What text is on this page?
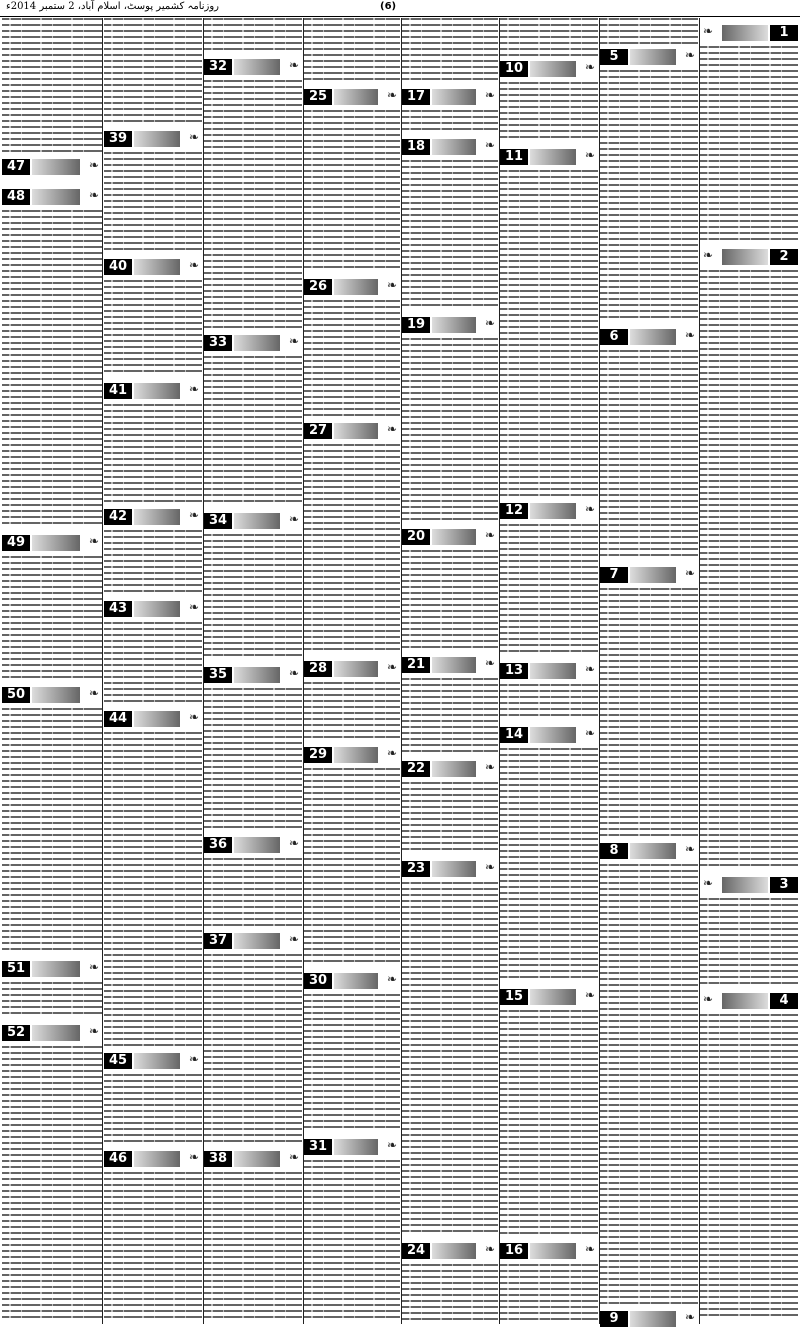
روزنامہ کشمیر پوسٹ، اسلام آباد، 2 ستمبر 2014ء	(6)
1
❧
2
❧
3
❧
4
❧
5	❧
6	❧
7	❧
8	❧
9	❧
10	❧
11	❧
12	❧
13	❧
14	❧
15	❧
16	❧
17	❧
18	❧
19	❧
20	❧
21	❧
22	❧
23	❧
24	❧
25	❧
26	❧
27	❧
28	❧
29	❧
30	❧
31	❧
32	❧
33	❧
34	❧
35	❧
36	❧
37	❧
38	❧
39	❧
40	❧
41	❧
42	❧
43	❧
44	❧
45	❧
46	❧
47	❧
48	❧
49	❧
50	❧
51	❧
52	❧
